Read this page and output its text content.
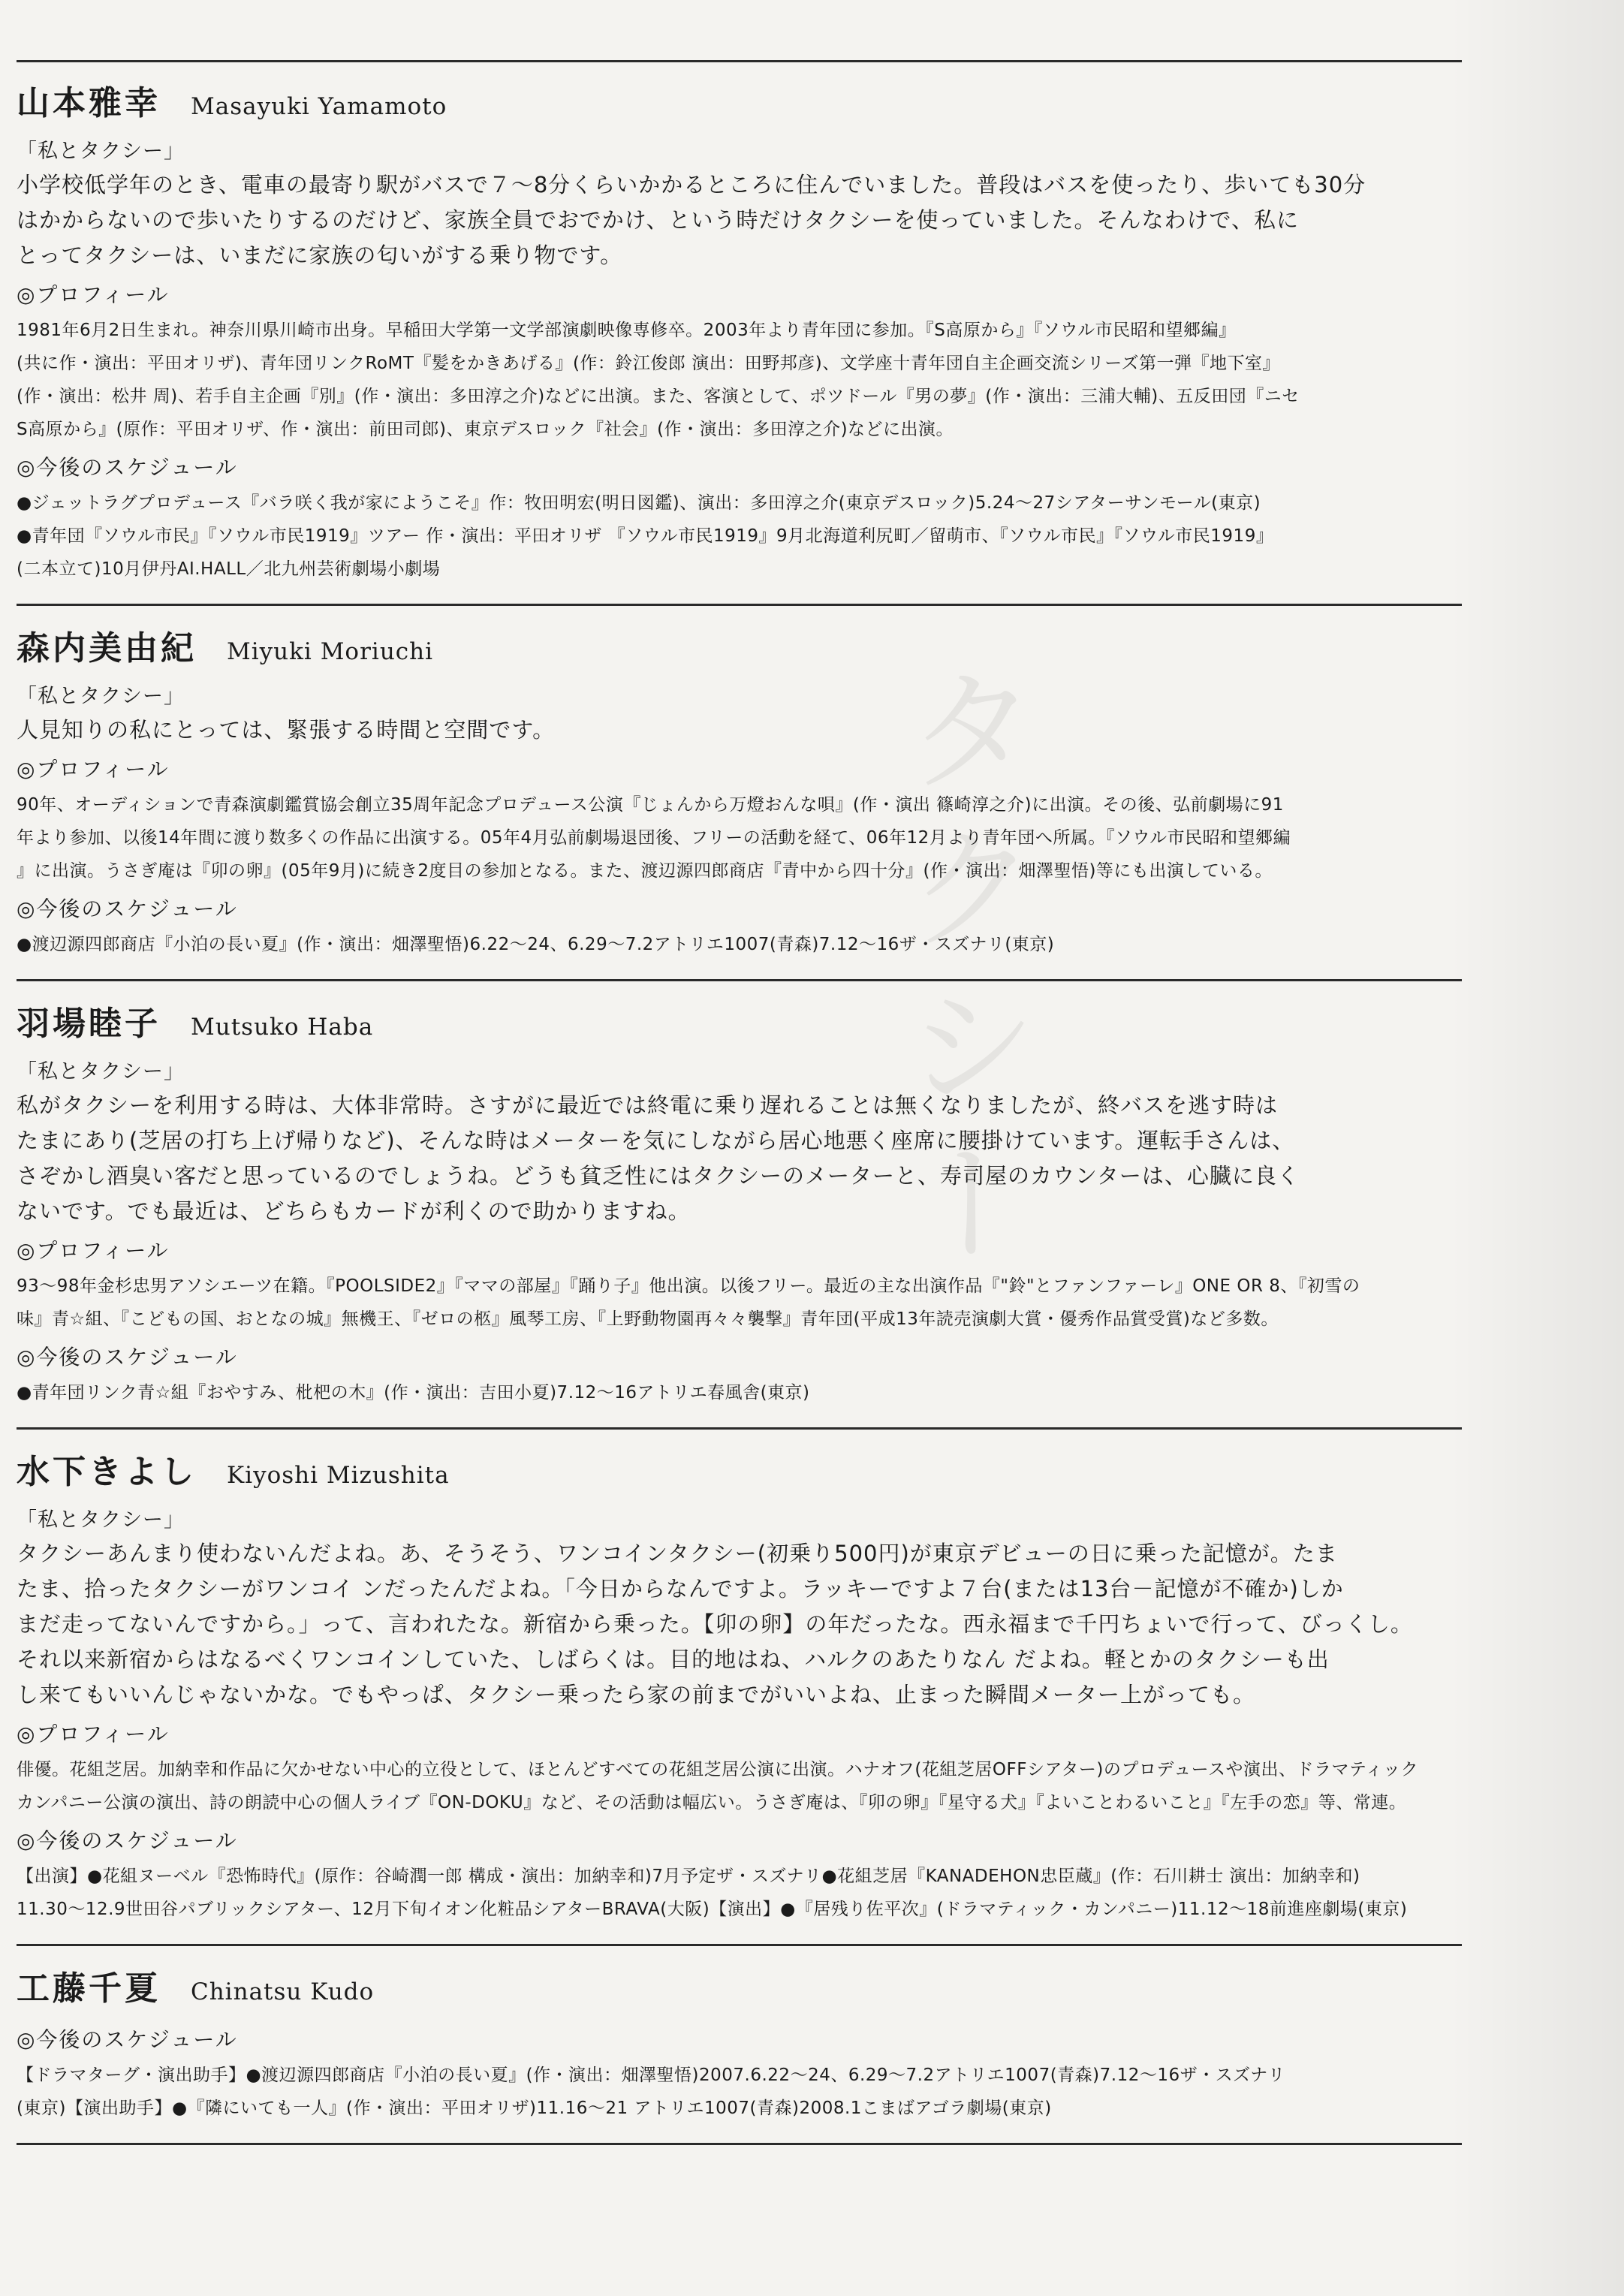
タクシー
山本雅幸 Masayuki Yamamoto
「私とタクシー」
小学校低学年のとき、電車の最寄り駅がバスで７～8分くらいかかるところに住んでいました。普段はバスを使ったり、歩いても30分
はかからないので歩いたりするのだけど、家族全員でおでかけ、という時だけタクシーを使っていました。そんなわけで、私に
とってタクシーは、いまだに家族の匂いがする乗り物です。
◎プロフィール
1981年6月2日生まれ。神奈川県川崎市出身。早稲田大学第一文学部演劇映像専修卒。2003年より青年団に参加。『S高原から』『ソウル市民昭和望郷編』
(共に作・演出：平田オリザ)、青年団リンクRoMT『髪をかきあげる』(作：鈴江俊郎 演出：田野邦彦)、文学座十青年団自主企画交流シリーズ第一弾『地下室』
(作・演出：松井 周)、若手自主企画『別』(作・演出：多田淳之介)などに出演。また、客演として、ポツドール『男の夢』(作・演出：三浦大輔)、五反田団『ニセ
S高原から』(原作：平田オリザ、作・演出：前田司郎)、東京デスロック『社会』(作・演出：多田淳之介)などに出演。
◎今後のスケジュール
●ジェットラグプロデュース『バラ咲く我が家にようこそ』作：牧田明宏(明日図鑑)、演出：多田淳之介(東京デスロック)5.24～27シアターサンモール(東京)
●青年団『ソウル市民』『ソウル市民1919』ツアー 作・演出：平田オリザ 『ソウル市民1919』9月北海道利尻町／留萌市、『ソウル市民』『ソウル市民1919』
(二本立て)10月伊丹AI.HALL／北九州芸術劇場小劇場
森内美由紀 Miyuki Moriuchi
「私とタクシー」
人見知りの私にとっては、緊張する時間と空間です。
◎プロフィール
90年、オーディションで青森演劇鑑賞協会創立35周年記念プロデュース公演『じょんから万燈おんな唄』(作・演出 篠崎淳之介)に出演。その後、弘前劇場に91
年より参加、以後14年間に渡り数多くの作品に出演する。05年4月弘前劇場退団後、フリーの活動を経て、06年12月より青年団へ所属。『ソウル市民昭和望郷編
』に出演。うさぎ庵は『卯の卵』(05年9月)に続き2度目の参加となる。また、渡辺源四郎商店『青中から四十分』(作・演出：畑澤聖悟)等にも出演している。
◎今後のスケジュール
●渡辺源四郎商店『小泊の長い夏』(作・演出：畑澤聖悟)6.22～24、6.29～7.2アトリエ1007(青森)7.12～16ザ・スズナリ(東京)
羽場睦子 Mutsuko Haba
「私とタクシー」
私がタクシーを利用する時は、大体非常時。さすがに最近では終電に乗り遅れることは無くなりましたが、終バスを逃す時は
たまにあり(芝居の打ち上げ帰りなど)、そんな時はメーターを気にしながら居心地悪く座席に腰掛けています。運転手さんは、
さぞかし酒臭い客だと思っているのでしょうね。どうも貧乏性にはタクシーのメーターと、寿司屋のカウンターは、心臓に良く
ないです。でも最近は、どちらもカードが利くので助かりますね。
◎プロフィール
93～98年金杉忠男アソシエーツ在籍。『POOLSIDE2』『ママの部屋』『踊り子』他出演。以後フリー。最近の主な出演作品『"鈴"とファンファーレ』ONE OR 8、『初雪の
味』青☆組、『こどもの国、おとなの城』無機王、『ゼロの柩』風琴工房、『上野動物園再々々襲撃』青年団(平成13年読売演劇大賞・優秀作品賞受賞)など多数。
◎今後のスケジュール
●青年団リンク青☆組『おやすみ、枇杷の木』(作・演出：吉田小夏)7.12～16アトリエ春風舎(東京)
水下きよし Kiyoshi Mizushita
「私とタクシー」
タクシーあんまり使わないんだよね。あ、そうそう、ワンコインタクシー(初乗り500円)が東京デビューの日に乗った記憶が。たま
たま、拾ったタクシーがワンコイ ンだったんだよね。「今日からなんですよ。ラッキーですよ７台(または13台－記憶が不確か)しか
まだ走ってないんですから。」って、言われたな。新宿から乗った。【卯の卵】の年だったな。西永福まで千円ちょいで行って、びっくし。
それ以来新宿からはなるべくワンコインしていた、しばらくは。目的地はね、ハルクのあたりなん だよね。軽とかのタクシーも出
し来てもいいんじゃないかな。でもやっぱ、タクシー乗ったら家の前までがいいよね、止まった瞬間メーター上がっても。
◎プロフィール
俳優。花組芝居。加納幸和作品に欠かせない中心的立役として、ほとんどすべての花組芝居公演に出演。ハナオフ(花組芝居OFFシアター)のプロデュースや演出、ドラマティック
カンパニー公演の演出、詩の朗読中心の個人ライブ『ON-DOKU』など、その活動は幅広い。うさぎ庵は、『卯の卵』『星守る犬』『よいことわるいこと』『左手の恋』等、常連。
◎今後のスケジュール
【出演】●花組ヌーベル『恐怖時代』(原作：谷崎潤一郎 構成・演出：加納幸和)7月予定ザ・スズナリ●花組芝居『KANADEHON忠臣蔵』(作：石川耕士 演出：加納幸和)
11.30～12.9世田谷パブリックシアター、12月下旬イオン化粧品シアターBRAVA(大阪)【演出】●『居残り佐平次』(ドラマティック・カンパニー)11.12～18前進座劇場(東京)
工藤千夏 Chinatsu Kudo
◎今後のスケジュール
【ドラマターグ・演出助手】●渡辺源四郎商店『小泊の長い夏』(作・演出：畑澤聖悟)2007.6.22～24、6.29～7.2アトリエ1007(青森)7.12～16ザ・スズナリ
(東京)【演出助手】●『隣にいても一人』(作・演出：平田オリザ)11.16～21 アトリエ1007(青森)2008.1こまばアゴラ劇場(東京)
